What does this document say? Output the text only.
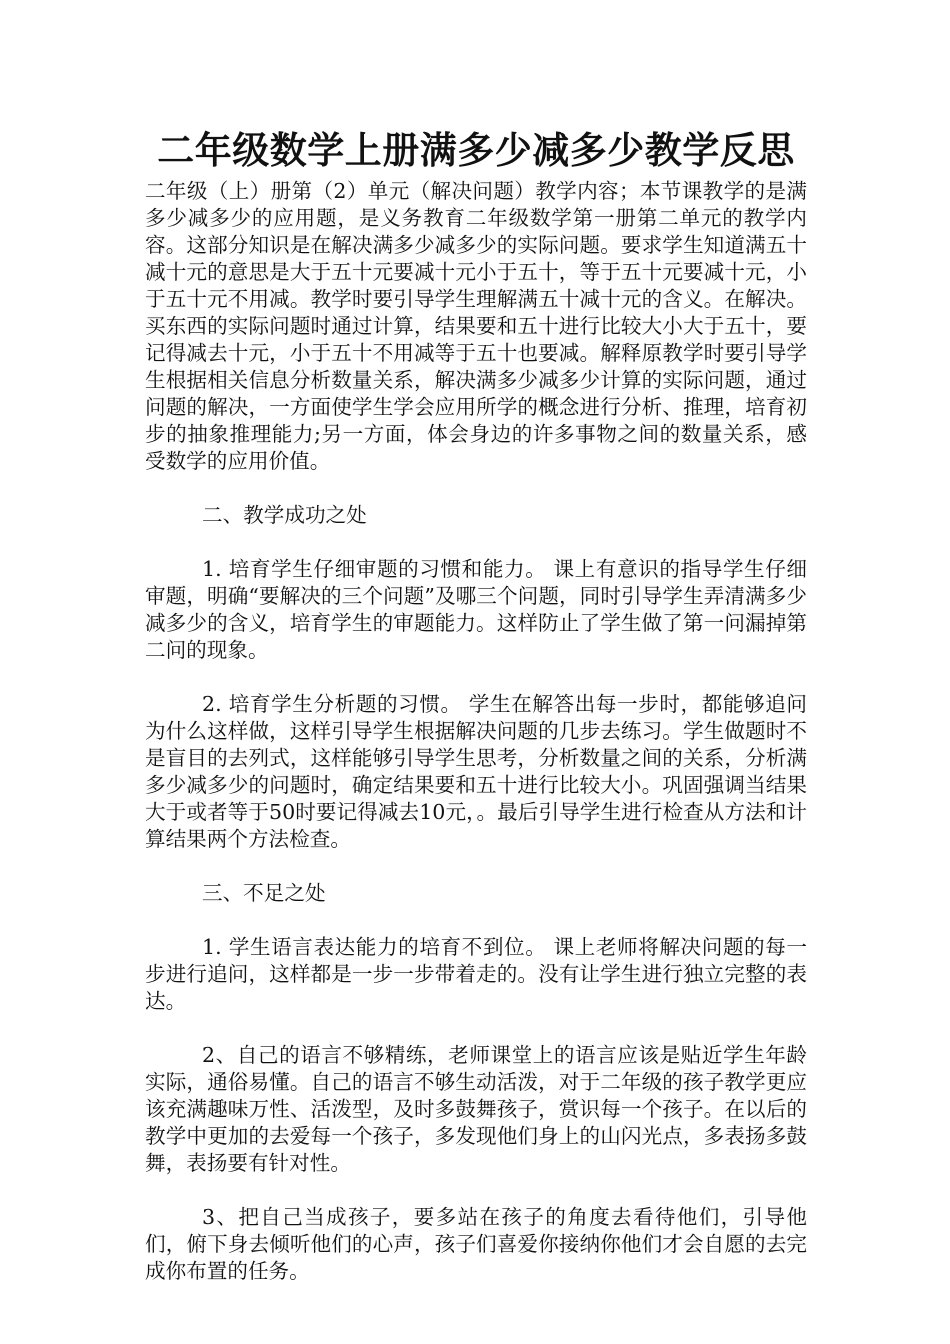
二年级数学上册满多少减多少教学反思

二年级（上）册第（2）单元（解决问题）教学内容；本节课教学的是满多少减多少的应用题，是义务教育二年级数学第一册第二单元的教学内容。这部分知识是在解决满多少减多少的实际问题。要求学生知道满五十减十元的意思是大于五十元要减十元小于五十，等于五十元要减十元，小于五十元不用减。教学时要引导学生理解满五十减十元的含义。在解决。买东西的实际问题时通过计算，结果要和五十进行比较大小大于五十，要记得减去十元，小于五十不用减等于五十也要减。解释原教学时要引导学生根据相关信息分析数量关系，解决满多少减多少计算的实际问题，通过问题的解决，一方面使学生学会应用所学的概念进行分析、推理，培育初步的抽象推理能力;另一方面，体会身边的许多事物之间的数量关系，感受数学的应用价值。

二、教学成功之处

1. 培育学生仔细审题的习惯和能力。 课上有意识的指导学生仔细审题，明确“要解决的三个问题”及哪三个问题，同时引导学生弄清满多少减多少的含义，培育学生的审题能力。这样防止了学生做了第一问漏掉第二问的现象。

2. 培育学生分析题的习惯。 学生在解答出每一步时，都能够追问为什么这样做，这样引导学生根据解决问题的几步去练习。学生做题时不是盲目的去列式，这样能够引导学生思考，分析数量之间的关系，分析满多少减多少的问题时，确定结果要和五十进行比较大小。巩固强调当结果大于或者等于50时要记得减去10元，。最后引导学生进行检查从方法和计算结果两个方法检查。

三、不足之处

1. 学生语言表达能力的培育不到位。 课上老师将解决问题的每一步进行追问，这样都是一步一步带着走的。没有让学生进行独立完整的表达。

2、自己的语言不够精练，老师课堂上的语言应该是贴近学生年龄实际，通俗易懂。自己的语言不够生动活泼，对于二年级的孩子教学更应该充满趣味万性、活泼型，及时多鼓舞孩子，赏识每一个孩子。在以后的教学中更加的去爱每一个孩子，多发现他们身上的山闪光点，多表扬多鼓舞，表扬要有针对性。

3、把自己当成孩子，要多站在孩子的角度去看待他们，引导他们，俯下身去倾听他们的心声，孩子们喜爱你接纳你他们才会自愿的去完成你布置的任务。
